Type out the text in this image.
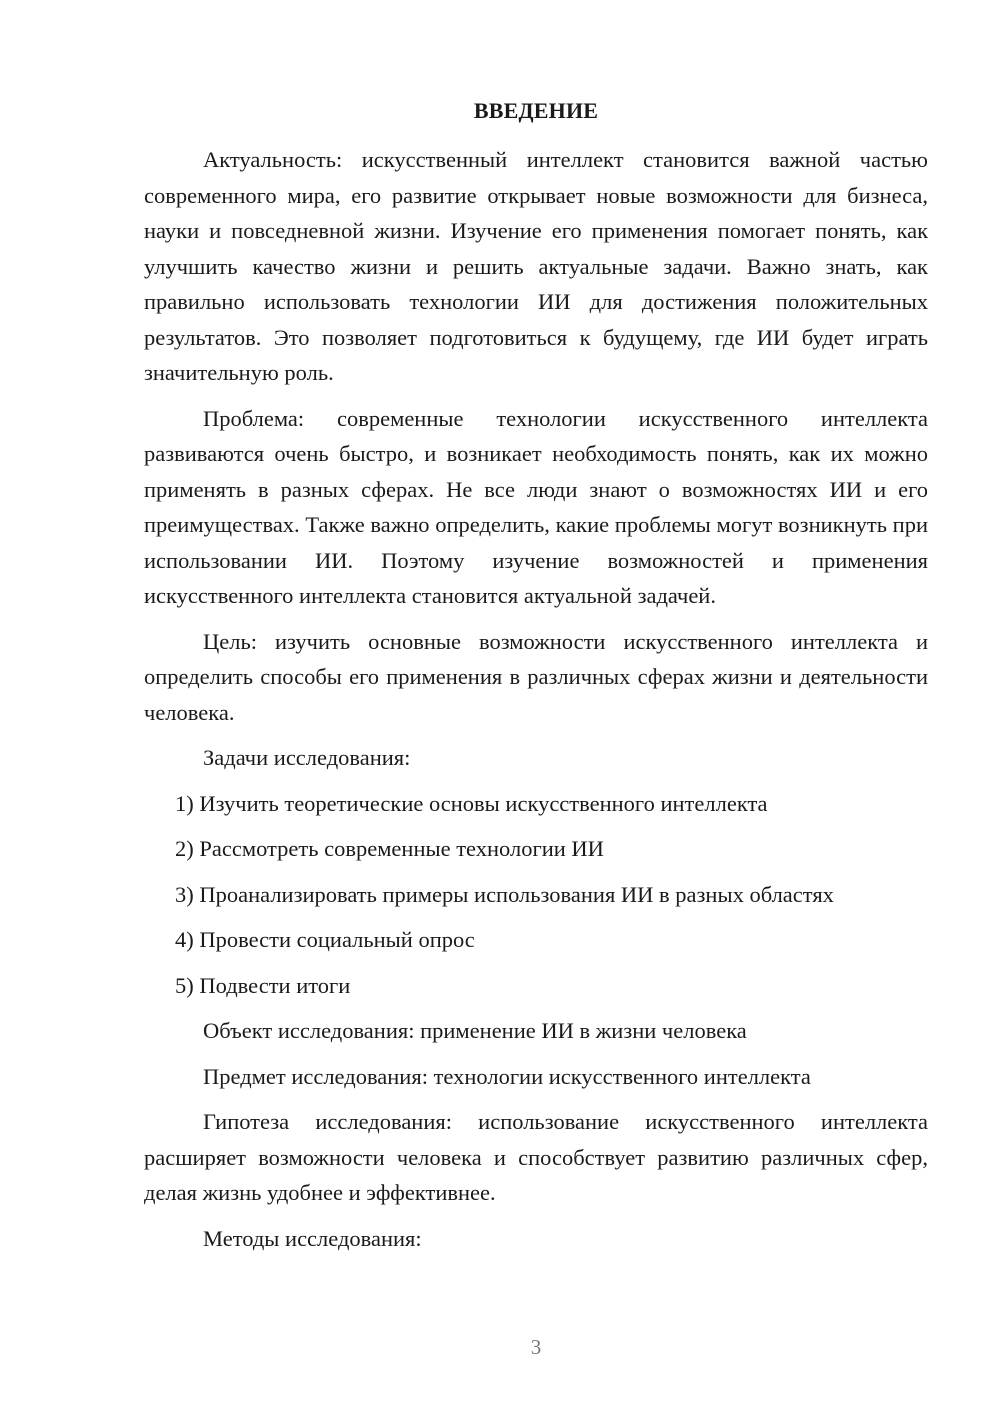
ВВЕДЕНИЕ

Актуальность: искусственный интеллект становится важной частью современного мира, его развитие открывает новые возможности для бизнеса, науки и повседневной жизни. Изучение его применения помогает понять, как улучшить качество жизни и решить актуальные задачи. Важно знать, как правильно использовать технологии ИИ для достижения положительных результатов. Это позволяет подготовиться к будущему, где ИИ будет играть значительную роль.

Проблема: современные технологии искусственного интеллекта развиваются очень быстро, и возникает необходимость понять, как их можно применять в разных сферах. Не все люди знают о возможностях ИИ и его преимуществах. Также важно определить, какие проблемы могут возникнуть при использовании ИИ. Поэтому изучение возможностей и применения искусственного интеллекта становится актуальной задачей.

Цель: изучить основные возможности искусственного интеллекта и определить способы его применения в различных сферах жизни и деятельности человека.

Задачи исследования:

1) Изучить теоретические основы искусственного интеллекта
2) Рассмотреть современные технологии ИИ
3) Проанализировать примеры использования ИИ в разных областях
4) Провести социальный опрос
5) Подвести итоги

Объект исследования: применение ИИ в жизни человека

Предмет исследования: технологии искусственного интеллекта

Гипотеза исследования: использование искусственного интеллекта расширяет возможности человека и способствует развитию различных сфер, делая жизнь удобнее и эффективнее.

Методы исследования:

3
